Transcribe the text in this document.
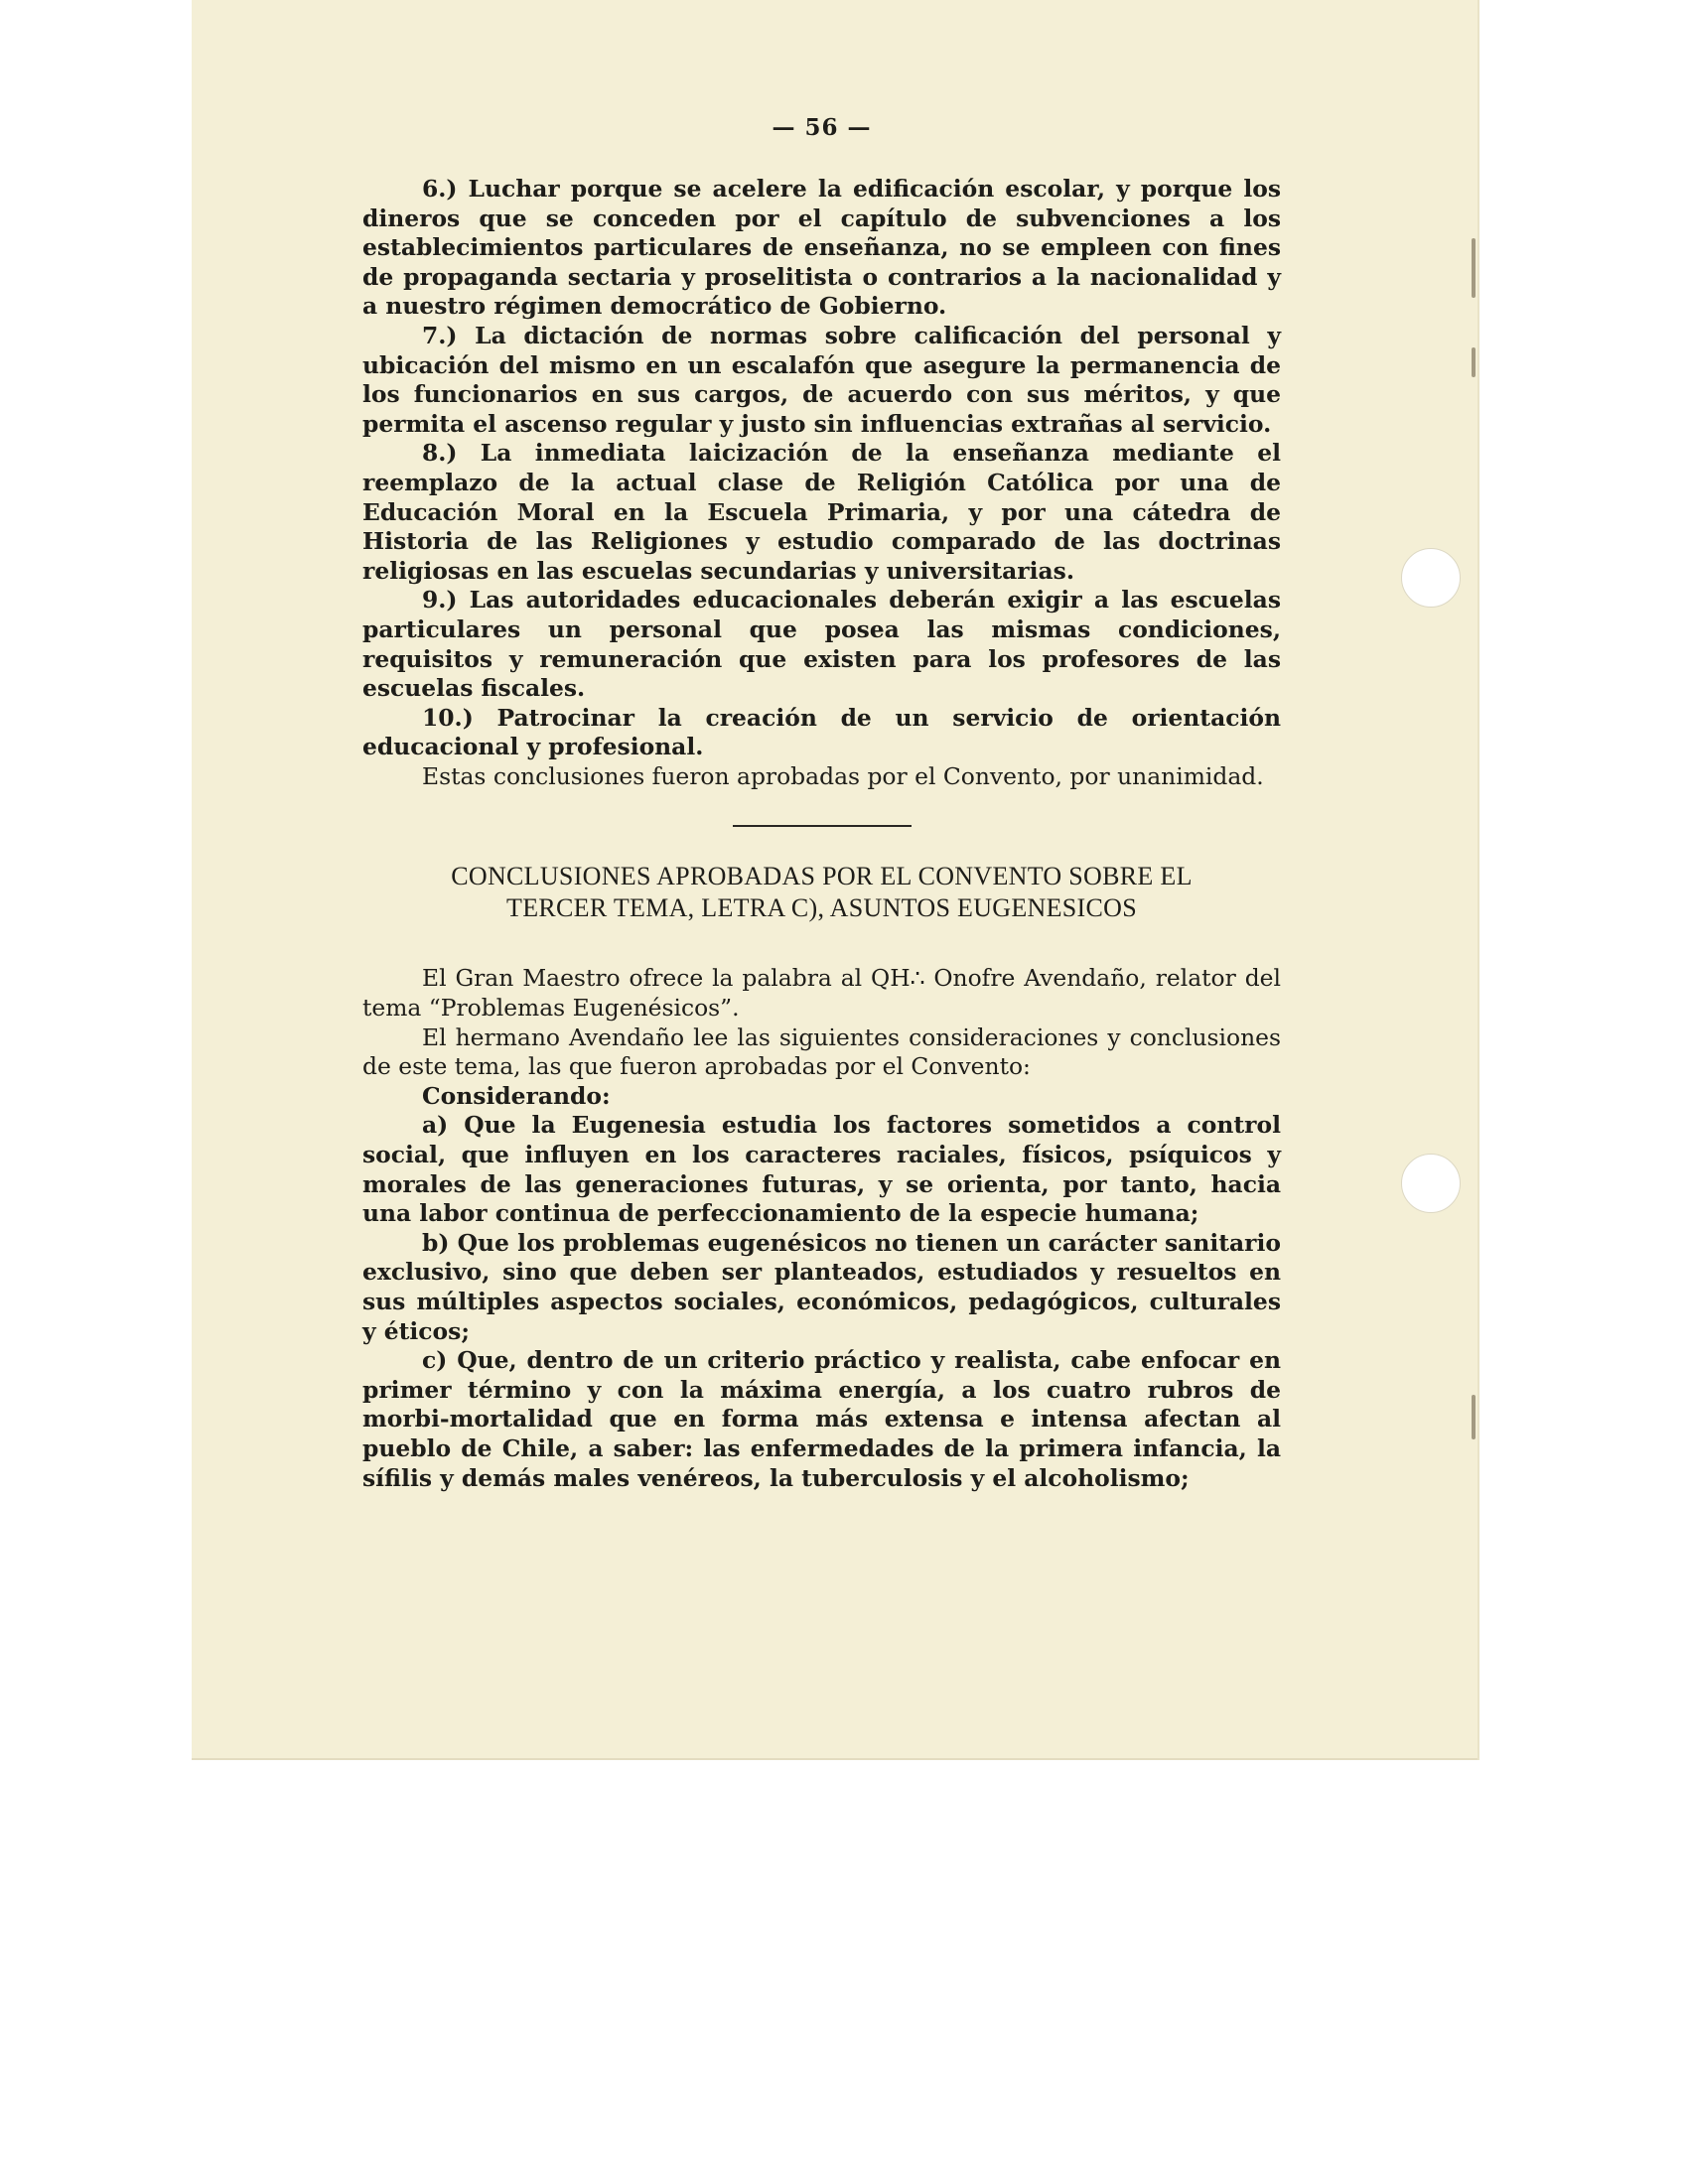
— 56 —

6.) Luchar porque se acelere la edificación escolar, y porque los dineros que se conceden por el capítulo de subvenciones a los establecimientos particulares de enseñanza, no se empleen con fines de propaganda sectaria y proselitista o contrarios a la nacionalidad y a nuestro régimen democrático de Gobierno.

7.) La dictación de normas sobre calificación del personal y ubicación del mismo en un escalafón que asegure la permanencia de los funcionarios en sus cargos, de acuerdo con sus méritos, y que permita el ascenso regular y justo sin influencias extrañas al servicio.

8.) La inmediata laicización de la enseñanza mediante el reemplazo de la actual clase de Religión Católica por una de Educación Moral en la Escuela Primaria, y por una cátedra de Historia de las Religiones y estudio comparado de las doctrinas religiosas en las escuelas secundarias y universitarias.

9.) Las autoridades educacionales deberán exigir a las escuelas particulares un personal que posea las mismas condiciones, requisitos y remuneración que existen para los profesores de las escuelas fiscales.

10.) Patrocinar la creación de un servicio de orientación educacional y profesional.

Estas conclusiones fueron aprobadas por el Convento, por unanimidad.

CONCLUSIONES APROBADAS POR EL CONVENTO SOBRE EL
TERCER TEMA, LETRA C), ASUNTOS EUGENESICOS

El Gran Maestro ofrece la palabra al QH∴ Onofre Avendaño, relator del tema “Problemas Eugenésicos”.

El hermano Avendaño lee las siguientes consideraciones y conclusiones de este tema, las que fueron aprobadas por el Convento:

Considerando:

a) Que la Eugenesia estudia los factores sometidos a control social, que influyen en los caracteres raciales, físicos, psíquicos y morales de las generaciones futuras, y se orienta, por tanto, hacia una labor continua de perfeccionamiento de la especie humana;

b) Que los problemas eugenésicos no tienen un carácter sanitario exclusivo, sino que deben ser planteados, estudiados y resueltos en sus múltiples aspectos sociales, económicos, pedagógicos, culturales y éticos;

c) Que, dentro de un criterio práctico y realista, cabe enfocar en primer término y con la máxima energía, a los cuatro rubros de morbi-mortalidad que en forma más extensa e intensa afectan al pueblo de Chile, a saber: las enfermedades de la primera infancia, la sífilis y demás males venéreos, la tuberculosis y el alcoholismo;
